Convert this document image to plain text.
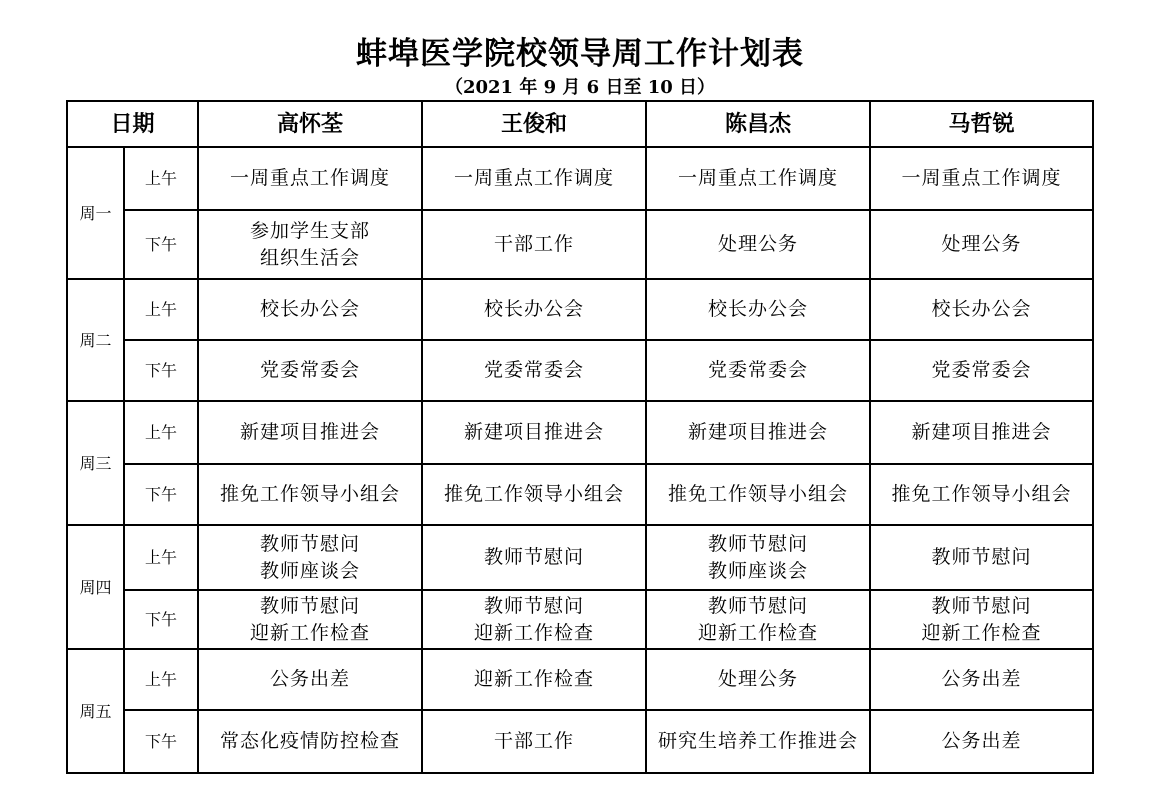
蚌埠医学院校领导周工作计划表
（2021 年 9 月 6 日至 10 日）
日期		高怀荃	王俊和	陈昌杰	马哲锐
周一	上午	一周重点工作调度	一周重点工作调度	一周重点工作调度	一周重点工作调度

	下午	参加学生支部
组织生活会	干部工作	处理公务	处理公务

周二	上午	校长办公会	校长办公会	校长办公会	校长办公会

	下午	党委常委会	党委常委会	党委常委会	党委常委会

周三	上午	新建项目推进会	新建项目推进会	新建项目推进会	新建项目推进会

	下午	推免工作领导小组会	推免工作领导小组会	推免工作领导小组会	推免工作领导小组会

周四	上午	教师节慰问
教师座谈会	教师节慰问	教师节慰问
教师座谈会	教师节慰问

	下午	教师节慰问
迎新工作检查	教师节慰问
迎新工作检查	教师节慰问
迎新工作检查	教师节慰问
迎新工作检查

周五	上午	公务出差	迎新工作检查	处理公务	公务出差

	下午	常态化疫情防控检查	干部工作	研究生培养工作推进会	公务出差
